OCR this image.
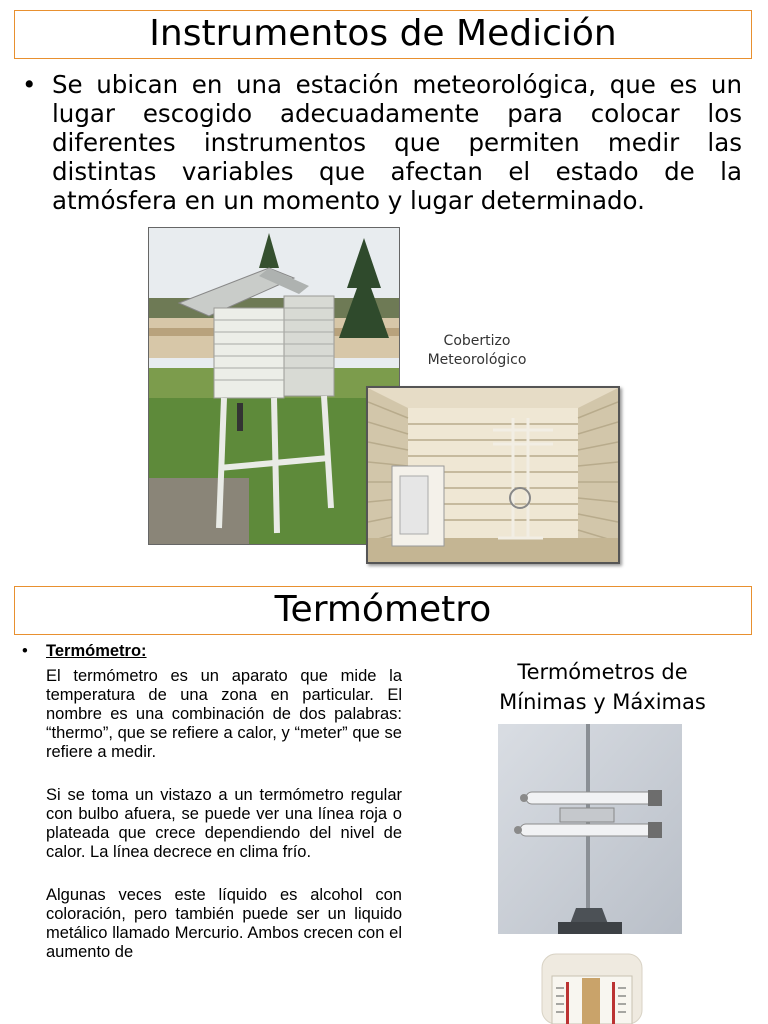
Instrumentos de Medición
• Se ubican en una estación meteorológica, que es un lugar escogido adecuadamente para colocar los diferentes instrumentos que permiten medir las distintas variables que afectan el estado de la atmósfera en un momento y lugar determinado.
Cobertizo
Meteorológico
Termómetro
• Termómetro:

El termómetro es un aparato que mide la temperatura de una zona en particular. El nombre es una combinación de dos palabras: “thermo”, que se refiere a calor, y “meter” que se refiere a medir.

Si se toma un vistazo a un termómetro regular con bulbo afuera, se puede ver una línea roja o plateada que crece dependiendo del nivel de calor. La línea decrece en clima frío.

Algunas veces este líquido es alcohol con coloración, pero también puede ser un liquido metálico llamado Mercurio. Ambos crecen con el aumento de

Termómetros de
Mínimas y Máximas
